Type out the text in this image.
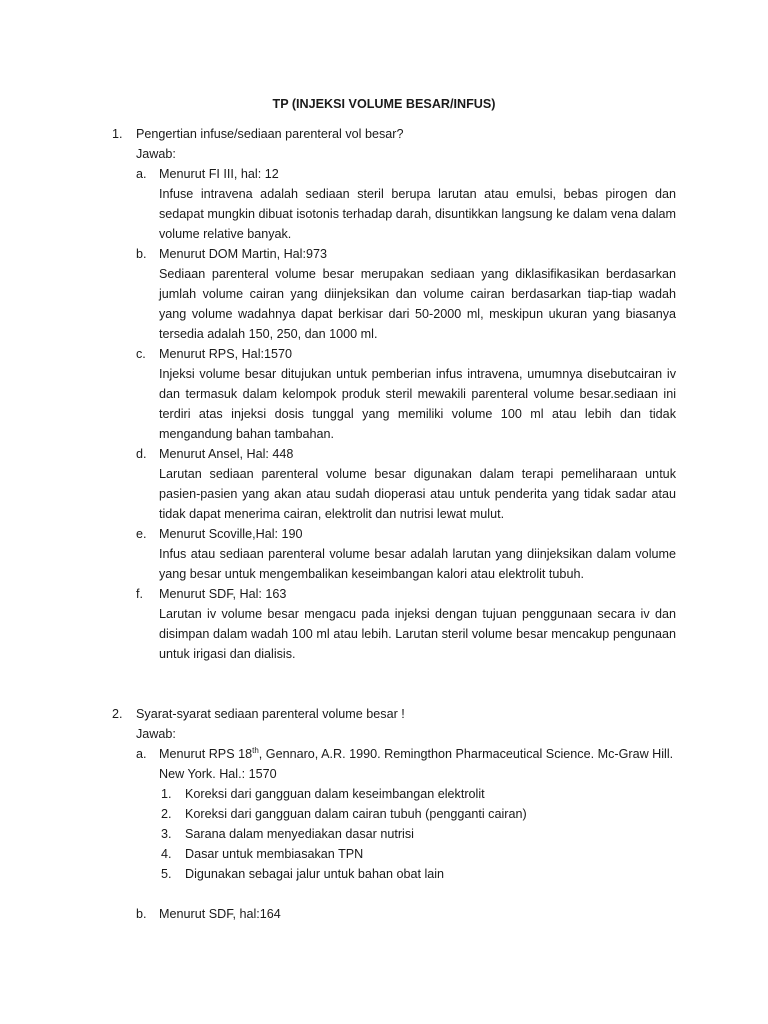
TP (INJEKSI VOLUME BESAR/INFUS)
1. Pengertian infuse/sediaan parenteral vol besar?
Jawab:
a. Menurut FI III, hal: 12
Infuse intravena adalah sediaan steril berupa larutan atau emulsi, bebas pirogen dan sedapat mungkin dibuat isotonis terhadap darah, disuntikkan langsung ke dalam vena dalam volume relative banyak.
b. Menurut DOM Martin, Hal:973
Sediaan parenteral volume besar merupakan sediaan yang diklasifikasikan berdasarkan jumlah volume cairan yang diinjeksikan dan volume cairan berdasarkan tiap-tiap wadah yang volume wadahnya dapat berkisar dari 50-2000 ml, meskipun ukuran yang biasanya tersedia adalah 150, 250, dan 1000 ml.
c. Menurut RPS, Hal:1570
Injeksi volume besar ditujukan untuk pemberian infus intravena, umumnya disebutcairan iv dan termasuk dalam kelompok produk steril mewakili parenteral volume besar.sediaan ini terdiri atas injeksi dosis tunggal yang memiliki volume 100 ml atau lebih dan tidak mengandung bahan tambahan.
d. Menurut Ansel, Hal: 448
Larutan sediaan parenteral volume besar digunakan dalam terapi pemeliharaan untuk pasien-pasien yang akan atau sudah dioperasi atau untuk penderita yang tidak sadar atau tidak dapat menerima cairan, elektrolit dan nutrisi lewat mulut.
e. Menurut Scoville,Hal: 190
Infus atau sediaan parenteral volume besar adalah larutan yang diinjeksikan dalam volume yang besar untuk mengembalikan keseimbangan kalori atau elektrolit tubuh.
f. Menurut SDF, Hal: 163
Larutan iv volume besar mengacu pada injeksi dengan tujuan penggunaan secara iv dan disimpan dalam wadah 100 ml atau lebih. Larutan steril volume besar mencakup pengunaan untuk irigasi dan dialisis.
2. Syarat-syarat sediaan parenteral volume besar !
Jawab:
a. Menurut RPS 18th, Gennaro, A.R. 1990. Remingthon Pharmaceutical Science. Mc-Graw Hill.
New York. Hal.: 1570
1. Koreksi dari gangguan dalam keseimbangan elektrolit
2. Koreksi dari gangguan dalam cairan tubuh (pengganti cairan)
3. Sarana dalam menyediakan dasar nutrisi
4. Dasar untuk membiasakan TPN
5. Digunakan sebagai jalur untuk bahan obat lain
b. Menurut SDF, hal:164
